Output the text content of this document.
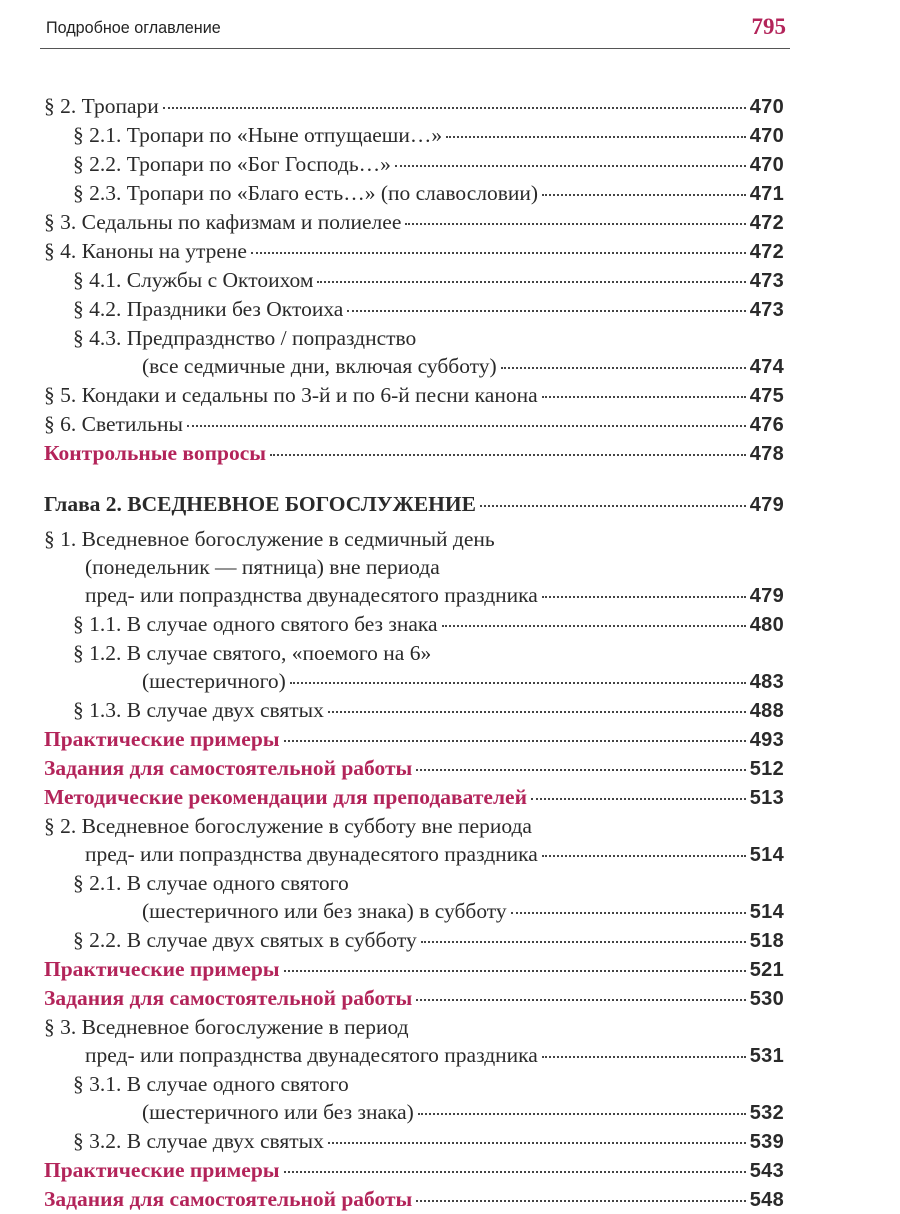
Подробное оглавление	795
§ 2. Тропари	470
§ 2.1. Тропари по «Ныне отпущаеши…»	470
§ 2.2. Тропари по «Бог Господь…»	470
§ 2.3. Тропари по «Благо есть…» (по славословии)	471
§ 3. Седальны по кафизмам и полиелее	472
§ 4. Каноны на утрене	472
§ 4.1. Службы с Октоихом	473
§ 4.2. Праздники без Октоиха	473
§ 4.3. Предпразднство / попразднство
(все седмичные дни, включая субботу)	474
§ 5. Кондаки и седальны по 3-й и по 6-й песни канона	475
§ 6. Светильны	476
Контрольные вопросы	478
Глава 2. ВСЕДНЕВНОЕ БОГОСЛУЖЕНИЕ	479
§ 1. Вседневное богослужение в седмичный день
(понедельник — пятница) вне периода
пред- или попразднства двунадесятого праздника	479
§ 1.1. В случае одного святого без знака	480
§ 1.2. В случае святого, «поемого на 6»
(шестеричного)	483
§ 1.3. В случае двух святых	488
Практические примеры	493
Задания для самостоятельной работы	512
Методические рекомендации для преподавателей	513
§ 2. Вседневное богослужение в субботу вне периода
пред- или попразднства двунадесятого праздника	514
§ 2.1. В случае одного святого
(шестеричного или без знака) в субботу	514
§ 2.2. В случае двух святых в субботу	518
Практические примеры	521
Задания для самостоятельной работы	530
§ 3. Вседневное богослужение в период
пред- или попразднства двунадесятого праздника	531
§ 3.1. В случае одного святого
(шестеричного или без знака)	532
§ 3.2. В случае двух святых	539
Практические примеры	543
Задания для самостоятельной работы	548
